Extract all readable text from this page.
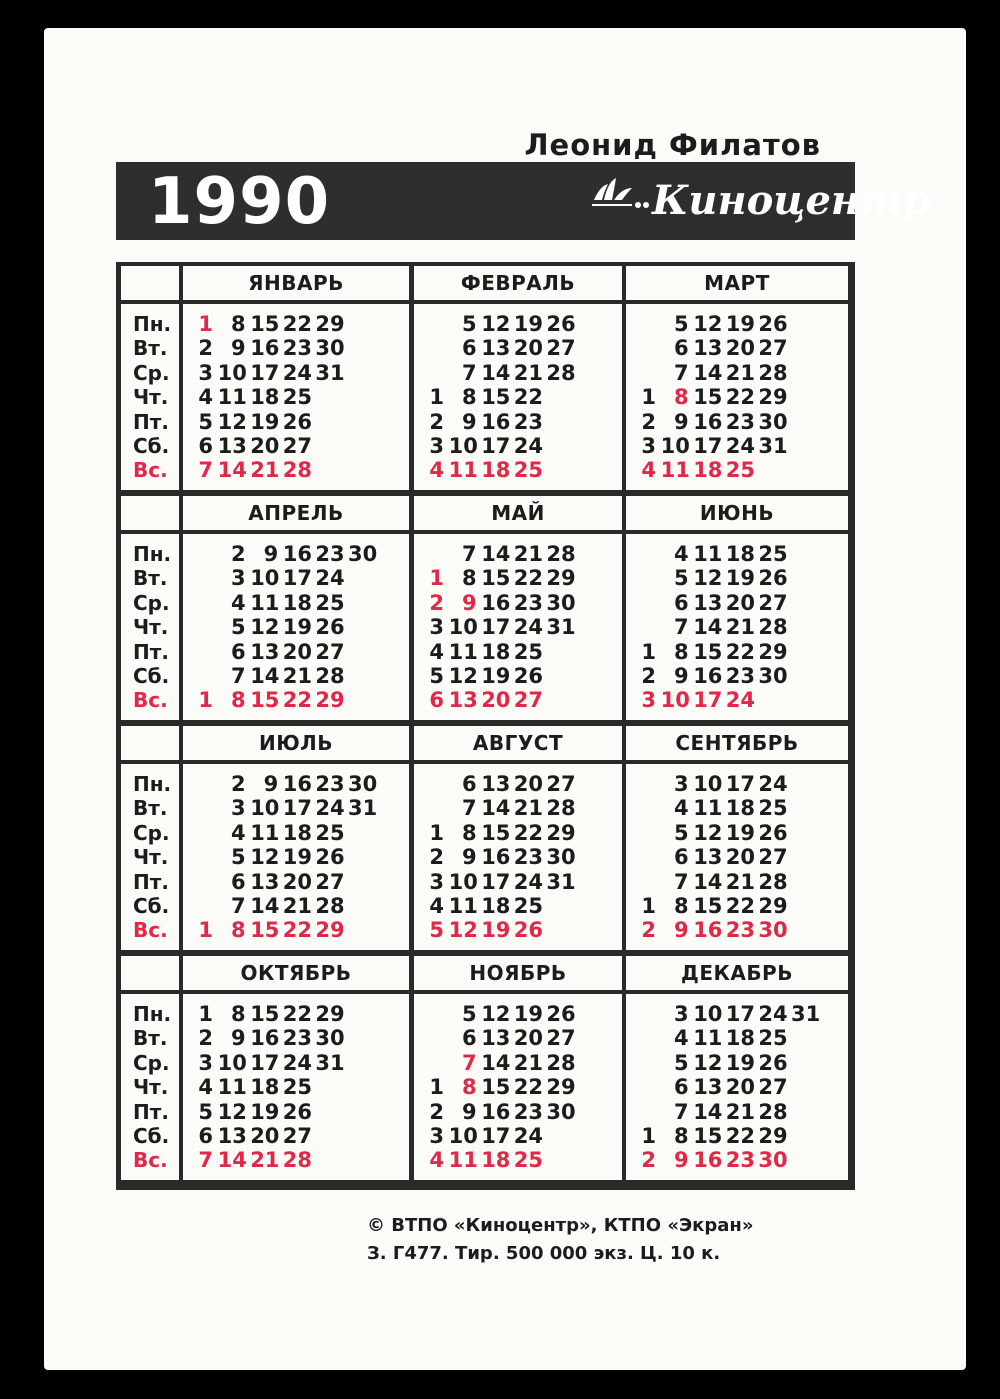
Леонид Филатов
1990	Киноцентр
Пн.
Вт.
Ср.
Чт.
Пт.
Сб.
Вс.
ЯНВАРЬ
1
2
3
4
5
6
7
8
9
10
11
12
13
14
15
16
17
18
19
20
21
22
23
24
25
26
27
28
29
30
31
ФЕВРАЛЬ
1
2
3
4
5
6
7
8
9
10
11
12
13
14
15
16
17
18
19
20
21
22
23
24
25
26
27
28
МАРТ
1
2
3
4
5
6
7
8
9
10
11
12
13
14
15
16
17
18
19
20
21
22
23
24
25
26
27
28
29
30
31
Пн.
Вт.
Ср.
Чт.
Пт.
Сб.
Вс.
АПРЕЛЬ
1
2
3
4
5
6
7
8
9
10
11
12
13
14
15
16
17
18
19
20
21
22
23
24
25
26
27
28
29
30
МАЙ
1
2
3
4
5
6
7
8
9
10
11
12
13
14
15
16
17
18
19
20
21
22
23
24
25
26
27
28
29
30
31
ИЮНЬ
1
2
3
4
5
6
7
8
9
10
11
12
13
14
15
16
17
18
19
20
21
22
23
24
25
26
27
28
29
30
Пн.
Вт.
Ср.
Чт.
Пт.
Сб.
Вс.
ИЮЛЬ
1
2
3
4
5
6
7
8
9
10
11
12
13
14
15
16
17
18
19
20
21
22
23
24
25
26
27
28
29
30
31
АВГУСТ
1
2
3
4
5
6
7
8
9
10
11
12
13
14
15
16
17
18
19
20
21
22
23
24
25
26
27
28
29
30
31
СЕНТЯБРЬ
1
2
3
4
5
6
7
8
9
10
11
12
13
14
15
16
17
18
19
20
21
22
23
24
25
26
27
28
29
30
Пн.
Вт.
Ср.
Чт.
Пт.
Сб.
Вс.
ОКТЯБРЬ
1
2
3
4
5
6
7
8
9
10
11
12
13
14
15
16
17
18
19
20
21
22
23
24
25
26
27
28
29
30
31
НОЯБРЬ
1
2
3
4
5
6
7
8
9
10
11
12
13
14
15
16
17
18
19
20
21
22
23
24
25
26
27
28
29
30
ДЕКАБРЬ
1
2
3
4
5
6
7
8
9
10
11
12
13
14
15
16
17
18
19
20
21
22
23
24
25
26
27
28
29
30
31
© ВТПО «Киноцентр», КТПО «Экран»
З. Г477. Тир. 500 000 экз. Ц. 10 к.
